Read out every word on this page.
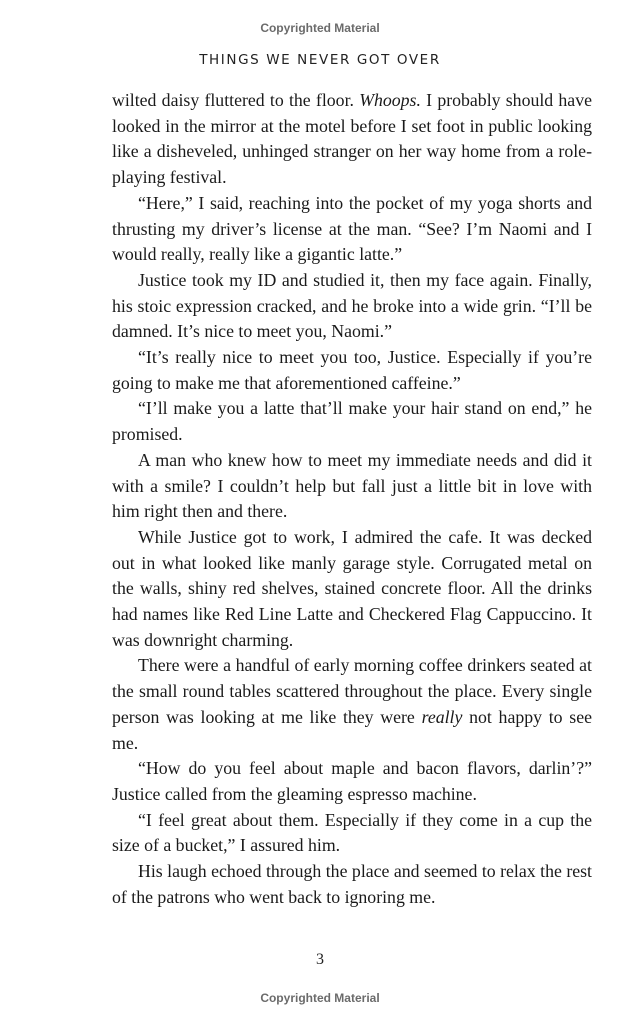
Copyrighted Material
THINGS WE NEVER GOT OVER

wilted daisy fluttered to the floor. Whoops. I probably should have looked in the mirror at the motel before I set foot in public looking like a disheveled, unhinged stranger on her way home from a role-playing festival.

“Here,” I said, reaching into the pocket of my yoga shorts and thrusting my driver’s license at the man. “See? I’m Naomi and I would really, really like a gigantic latte.”

Justice took my ID and studied it, then my face again. Finally, his stoic expression cracked, and he broke into a wide grin. “I’ll be damned. It’s nice to meet you, Naomi.”

“It’s really nice to meet you too, Justice. Especially if you’re going to make me that aforementioned caffeine.”

“I’ll make you a latte that’ll make your hair stand on end,” he promised.

A man who knew how to meet my immediate needs and did it with a smile? I couldn’t help but fall just a little bit in love with him right then and there.

While Justice got to work, I admired the cafe. It was decked out in what looked like manly garage style. Corrugated metal on the walls, shiny red shelves, stained concrete floor. All the drinks had names like Red Line Latte and Checkered Flag Cappuccino. It was downright charming.

There were a handful of early morning coffee drinkers seated at the small round tables scattered throughout the place. Every single person was looking at me like they were really not happy to see me.

“How do you feel about maple and bacon flavors, darlin’?” Justice called from the gleaming espresso machine.

“I feel great about them. Especially if they come in a cup the size of a bucket,” I assured him.

His laugh echoed through the place and seemed to relax the rest of the patrons who went back to ignoring me.

3
Copyrighted Material
